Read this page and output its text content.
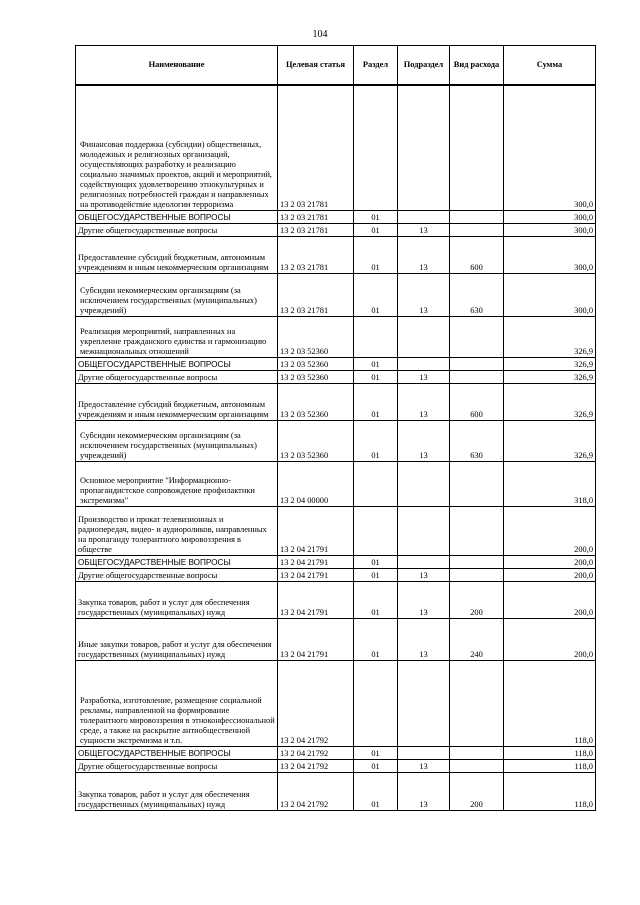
104
Наименование	Целевая статья	Раздел	Подраздел	Вид расхода	Сумма
Финансовая поддержка (субсидии) общественных, молодежных и религиозных организаций, осуществляющих разработку и реализацию социально значимых проектов, акций и мероприятий, содействующих удовлетворению этнокультурных и религиозных потребностей граждан и направленных на противодействие идеологии терроризма	13 2 03 21781				300,0
ОБЩЕГОСУДАРСТВЕННЫЕ ВОПРОСЫ	13 2 03 21781	01			300,0
Другие общегосударственные вопросы	13 2 03 21781	01	13		300,0
Предоставление субсидий бюджетным, автономным учреждениям и иным некоммерческим организациям	13 2 03 21781	01	13	600	300,0
Субсидии некоммерческим организациям (за исключением государственных (муниципальных) учреждений)	13 2 03 21781	01	13	630	300,0
Реализация мероприятий, направленных на укрепление гражданского единства и гармонизацию межнациональных отношений	13 2 03 52360				326,9
ОБЩЕГОСУДАРСТВЕННЫЕ ВОПРОСЫ	13 2 03 52360	01			326,9
Другие общегосударственные вопросы	13 2 03 52360	01	13		326,9
Предоставление субсидий бюджетным, автономным учреждениям и иным некоммерческим организациям	13 2 03 52360	01	13	600	326,9
Субсидии некоммерческим организациям (за исключением государственных (муниципальных) учреждений)	13 2 03 52360	01	13	630	326,9
Основное мероприятие "Информационно-пропагандистское сопровождение профилактики экстремизма"	13 2 04 00000				318,0
Производство и прокат телевизионных и радиопередач, видео- и аудиороликов, направленных на пропаганду толерантного мировоззрения в обществе	13 2 04 21791				200,0
ОБЩЕГОСУДАРСТВЕННЫЕ ВОПРОСЫ	13 2 04 21791	01			200,0
Другие общегосударственные вопросы	13 2 04 21791	01	13		200,0
Закупка товаров, работ и услуг для обеспечения государственных (муниципальных) нужд	13 2 04 21791	01	13	200	200,0
Иные закупки товаров, работ и услуг для обеспечения государственных (муниципальных) нужд	13 2 04 21791	01	13	240	200,0
Разработка, изготовление, размещение социальной рекламы, направленной на формирование толерантного мировоззрения в этноконфессиональной среде, а также на раскрытие антиобщественной сущности экстремизма и т.п.	13 2 04 21792				118,0
ОБЩЕГОСУДАРСТВЕННЫЕ ВОПРОСЫ	13 2 04 21792	01			118,0
Другие общегосударственные вопросы	13 2 04 21792	01	13		118,0
Закупка товаров, работ и услуг для обеспечения государственных (муниципальных) нужд	13 2 04 21792	01	13	200	118,0
